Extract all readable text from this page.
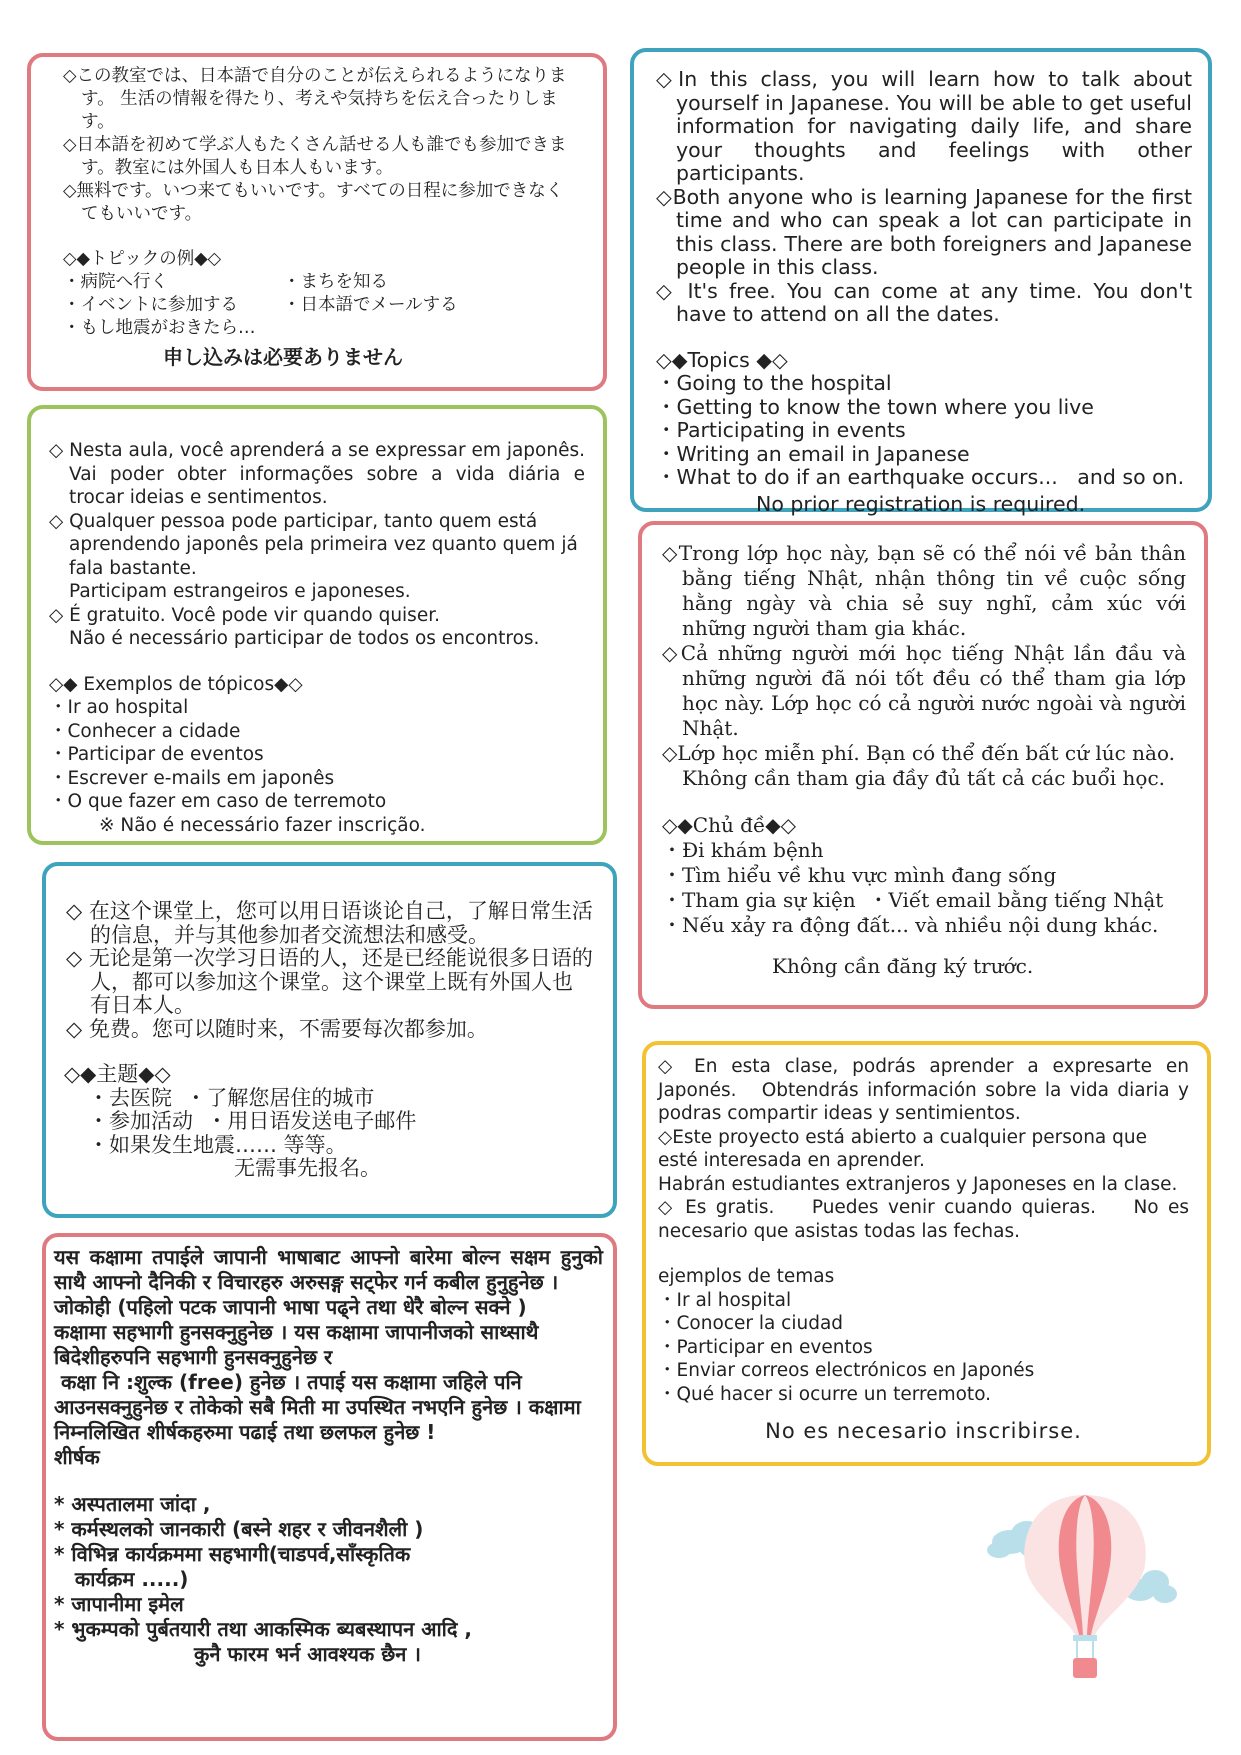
◇この教室では、日本語で自分のことが伝えられるようになります。 生活の情報を得たり、考えや気持ちを伝え合ったりします。

◇日本語を初めて学ぶ人もたくさん話せる人も誰でも参加できます。教室には外国人も日本人もいます。

◇無料です。いつ来てもいいです。すべての日程に参加できなくてもいいです。

◇◆トピックの例◆◇

・病院へ行く	・まちを知る
・イベントに参加する	・日本語でメールする
・もし地震がおきたら…

申し込みは必要ありません

◇In this class, you will learn how to talk about yourself in Japanese. You will be able to get useful information for navigating daily life, and share your thoughts and feelings with other participants.

◇Both anyone who is learning Japanese for the first time and who can speak a lot can participate in this class. There are both foreigners and Japanese people in this class.

◇ It's free. You can come at any time. You don't have to attend on all the dates.

◇◆Topics ◆◇

・Going to the hospital

・Getting to know the town where you live

・Participating in events

・Writing an email in Japanese

・What to do if an earthquake occurs...   and so on.

No prior registration is required.

◇ Nesta aula, você aprenderá a se expressar em japonês. Vai poder obter informações sobre a vida diária e trocar ideias e sentimentos.

◇ Qualquer pessoa pode participar, tanto quem está aprendendo japonês pela primeira vez quanto quem já fala bastante.
Participam estrangeiros e japoneses.

◇ É gratuito. Você pode vir quando quiser.
Não é necessário participar de todos os encontros.

◇◆ Exemplos de tópicos◆◇

・Ir ao hospital

・Conhecer a cidade

・Participar de eventos

・Escrever e-mails em japonês

・O que fazer em caso de terremoto

※ Não é necessário fazer inscrição.

◇Trong lớp học này, bạn sẽ có thể nói về bản thân bằng tiếng Nhật, nhận thông tin về cuộc sống hằng ngày và chia sẻ suy nghĩ, cảm xúc với những người tham gia khác.

◇Cả những người mới học tiếng Nhật lần đầu và những người đã nói tốt đều có thể tham gia lớp học này. Lớp học có cả người nước ngoài và người Nhật.

◇Lớp học miễn phí. Bạn có thể đến bất cứ lúc nào. Không cần tham gia đầy đủ tất cả các buổi học.

◇◆Chủ đề◆◇

・Đi khám bệnh

・Tìm hiểu về khu vực mình đang sống

・Tham gia sự kiện  ・Viết email bằng tiếng Nhật

・Nếu xảy ra động đất... và nhiều nội dung khác.

Không cần đăng ký trước.

◇ 在这个课堂上，您可以用日语谈论自己，了解日常生活的信息，并与其他参加者交流想法和感受。

◇ 无论是第一次学习日语的人，还是已经能说很多日语的人，都可以参加这个课堂。这个课堂上既有外国人也有日本人。

◇ 免费。您可以随时来，不需要每次都参加。

◇◆主题◆◇

・去医院  ・了解您居住的城市

・参加活动  ・用日语发送电子邮件

・如果发生地震…… 等等。

无需事先报名。

◇ En esta clase, podrás aprender a expresarte en Japonés.   Obtendrás información sobre la vida diaria y podras compartir ideas y sentimientos.

◇Este proyecto está abierto a cualquier persona que esté interesada en aprender.
Habrán estudiantes extranjeros y Japoneses en la clase.

◇ Es gratis.    Puedes venir cuando quieras.    No es necesario que asistas todas las fechas.

ejemplos de temas

・Ir al hospital

・Conocer la ciudad

・Participar en eventos

・Enviar correos electrónicos en Japonés

・Qué hacer si ocurre un terremoto.

No es necesario inscribirse.

यस कक्षामा तपाईले जापानी भाषाबाट आफ्नो बारेमा बोल्न सक्षम हुनुको साथै आफ्नो दैनिकी र विचारहरु अरुसङ्ग सट्फेर गर्न कबील हुनुहुनेछ ।

जोकोही (पहिलो पटक जापानी भाषा पढ्ने तथा धेरै बोल्न सक्ने )
कक्षामा सहभागी हुनसक्नुहुनेछ । यस कक्षामा जापानीजको साथ्साथै बिदेशीहरुपनि सहभागी हुनसक्नुहुनेछ र
कक्षा नि :शुल्क (free) हुनेछ । तपाई यस कक्षामा जहिले पनि आउनसक्नुहुनेछ र तोकेको सबै मिती मा उपस्थित नभएनि हुनेछ । कक्षामा निम्नलिखित शीर्षकहरुमा पढाई तथा छलफल हुनेछ !
शीर्षक

* अस्पतालमा जांदा ,

* कर्मस्थलको जानकारी (बस्ने शहर र जीवनशैली )

* विभिन्न कार्यक्रममा सहभागी(चाडपर्व,साँस्कृतिक
कार्यक्रम .....)

* जापानीमा इमेल

* भुकम्पको पुर्बतयारी तथा आकस्मिक ब्यबस्थापन आदि ,

कुनै फारम भर्न आवश्यक छैन ।
